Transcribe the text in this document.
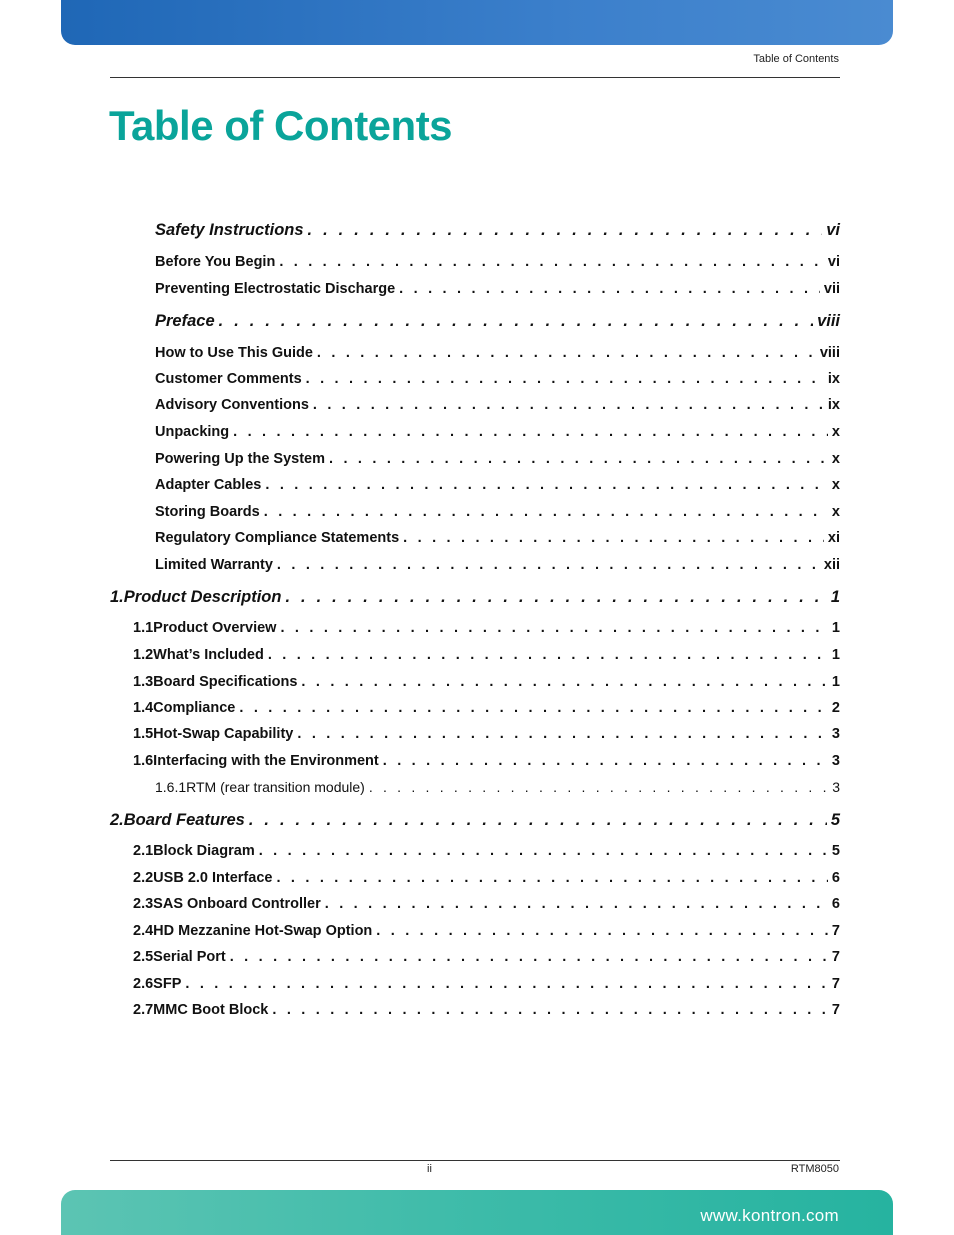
Table of Contents
Table of Contents
Safety Instructions . . .	vi
Before You Begin . . .	vi
Preventing Electrostatic Discharge . . .	vii
Preface . . .	viii
How to Use This Guide . . .	viii
Customer Comments . . .	ix
Advisory Conventions . . .	ix
Unpacking . . .	x
Powering Up the System . . .	x
Adapter Cables . . .	x
Storing Boards . . .	x
Regulatory Compliance Statements . . .	xi
Limited Warranty . . .	xii
1. Product Description . . .	1
1.1 Product Overview . . .	1
1.2 What’s Included . . .	1
1.3 Board Specifications . . .	1
1.4 Compliance . . .	2
1.5 Hot-Swap Capability . . .	3
1.6 Interfacing with the Environment . . .	3
1.6.1 RTM (rear transition module) . . .	3
2. Board Features . . .	5
2.1 Block Diagram . . .	5
2.2 USB 2.0 Interface . . .	6
2.3 SAS Onboard Controller . . .	6
2.4 HD Mezzanine Hot-Swap Option . . .	7
2.5 Serial Port . . .	7
2.6 SFP . . .	7
2.7 MMC Boot Block . . .	7
ii	RTM8050
www.kontron.com
